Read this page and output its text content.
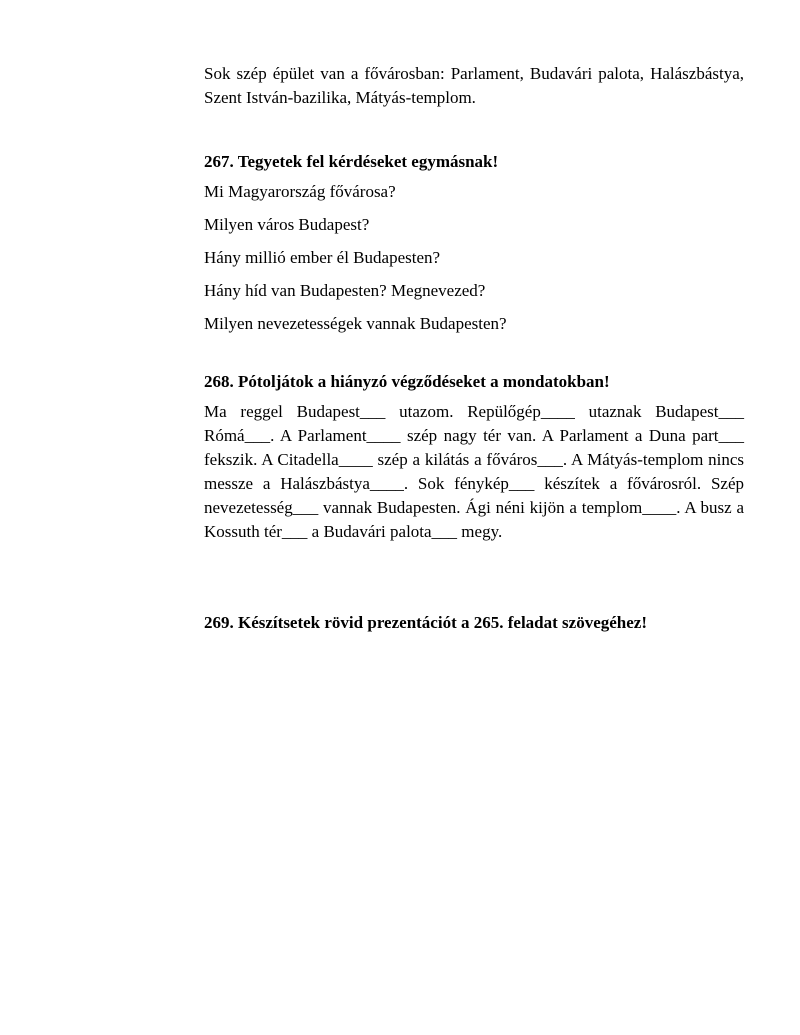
Sok szép épület van a fővárosban: Parlament, Budavári palota, Halászbástya, Szent István-bazilika, Mátyás-templom.

267. Tegyetek fel kérdéseket egymásnak!

Mi Magyarország fővárosa?

Milyen város Budapest?

Hány millió ember él Budapesten?

Hány híd van Budapesten? Megnevezed?

Milyen nevezetességek vannak Budapesten?

268. Pótoljátok a hiányzó végződéseket a mondatokban!

Ma reggel Budapest___ utazom. Repülőgép____ utaznak Budapest___ Rómá___. A Parlament____ szép nagy tér van. A Parlament a Duna part___ fekszik. A Citadella____ szép a kilátás a főváros___. A Mátyás-templom nincs messze a Halászbástya____. Sok fénykép___ készítek a fővárosról. Szép nevezetesség___ vannak Budapesten. Ági néni kijön a templom____. A busz a Kossuth tér___ a Budavári palota___ megy.

269. Készítsetek rövid prezentációt a 265. feladat szövegéhez!
